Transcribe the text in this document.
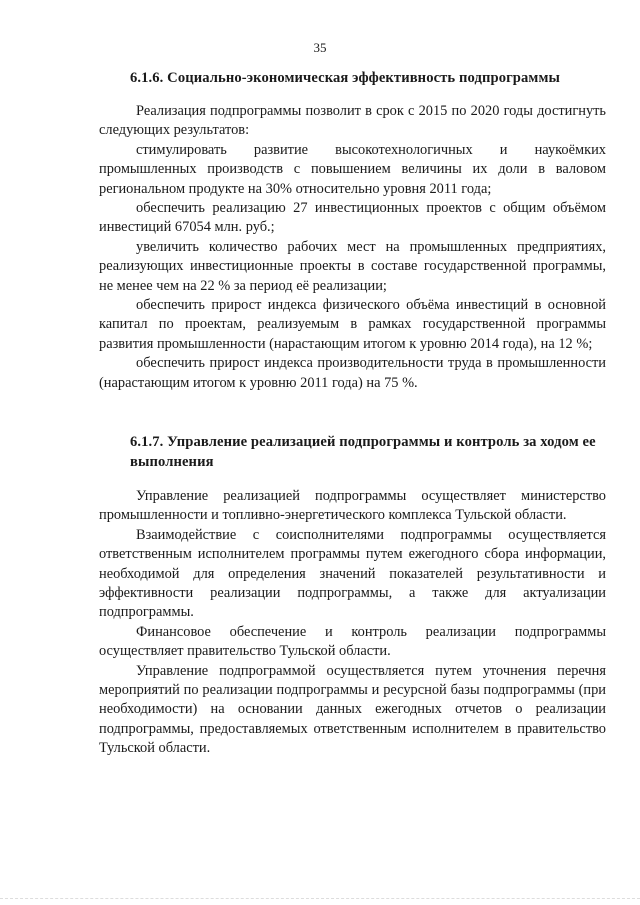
35
6.1.6. Социально-экономическая эффективность подпрограммы

Реализация подпрограммы позволит в срок с 2015 по 2020 годы достигнуть следующих результатов:

стимулировать развитие высокотехнологичных и наукоёмких промышленных производств с повышением величины их доли в валовом региональном продукте на 30% относительно уровня 2011 года;

обеспечить реализацию 27 инвестиционных проектов с общим объёмом инвестиций 67054 млн. руб.;

увеличить количество рабочих мест на промышленных предприятиях, реализующих инвестиционные проекты в составе государственной программы, не менее чем на 22 % за период её реализации;

обеспечить прирост индекса физического объёма инвестиций в основной капитал по проектам, реализуемым в рамках государственной программы развития промышленности (нарастающим итогом к уровню 2014 года), на 12 %;

обеспечить прирост индекса производительности труда в промышленности (нарастающим итогом к уровню 2011 года) на 75 %.

6.1.7. Управление реализацией подпрограммы и контроль за ходом ее выполнения

Управление реализацией подпрограммы осуществляет министерство промышленности и топливно-энергетического комплекса Тульской области.

Взаимодействие с соисполнителями подпрограммы осуществляется ответственным исполнителем программы путем ежегодного сбора информации, необходимой для определения значений показателей результативности и эффективности реализации подпрограммы, а также для актуализации подпрограммы.

Финансовое обеспечение и контроль реализации подпрограммы осуществляет правительство Тульской области.

Управление подпрограммой осуществляется путем уточнения перечня мероприятий по реализации подпрограммы и ресурсной базы подпрограммы (при необходимости) на основании данных ежегодных отчетов о реализации подпрограммы, предоставляемых ответственным исполнителем в правительство Тульской области.
